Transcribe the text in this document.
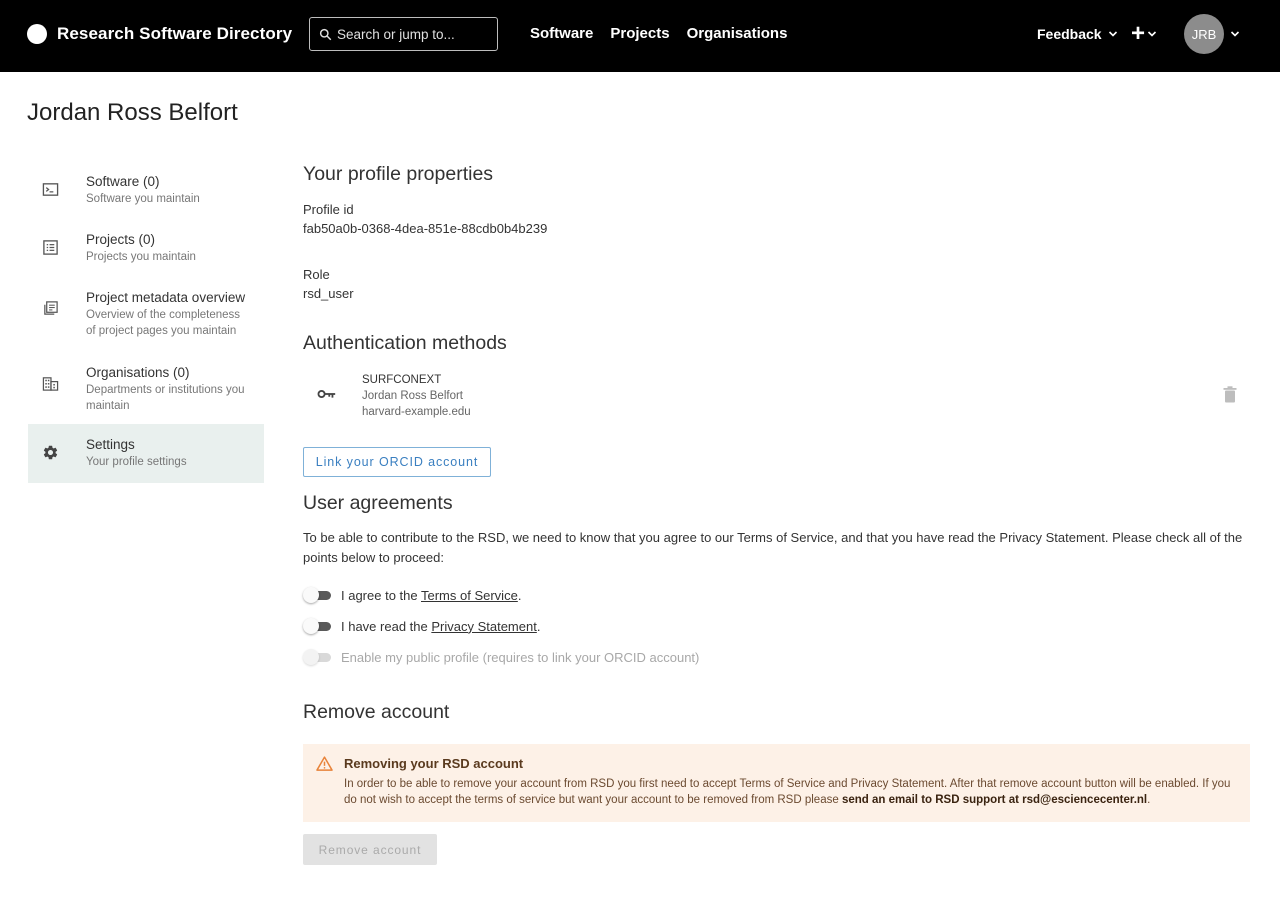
Research Software Directory
Search or jump to...	Software Projects Organisations	Feedback +	JRB
Jordan Ross Belfort
Software (0)
Software you maintain
Projects (0)
Projects you maintain
Project metadata overview
Overview of the completeness
of project pages you maintain
Organisations (0)
Departments or institutions you
maintain
Settings
Your profile settings
Your profile properties
Profile id
fab50a0b-0368-4dea-851e-88cdb0b4b239
Role
rsd_user
Authentication methods
SURFCONEXT
Jordan Ross Belfort
harvard-example.edu
Link your ORCID account
User agreements

To be able to contribute to the RSD, we need to know that you agree to our Terms of Service, and that you have read the Privacy Statement. Please check all of the points below to proceed:

I agree to the Terms of Service.
I have read the Privacy Statement.
Enable my public profile (requires to link your ORCID account)
Remove account
Removing your RSD account
In order to be able to remove your account from RSD you first need to accept Terms of Service and Privacy Statement. After that remove account button will be enabled. If you do not wish to accept the terms of service but want your account to be removed from RSD please send an email to RSD support at rsd@esciencecenter.nl.
Remove account
